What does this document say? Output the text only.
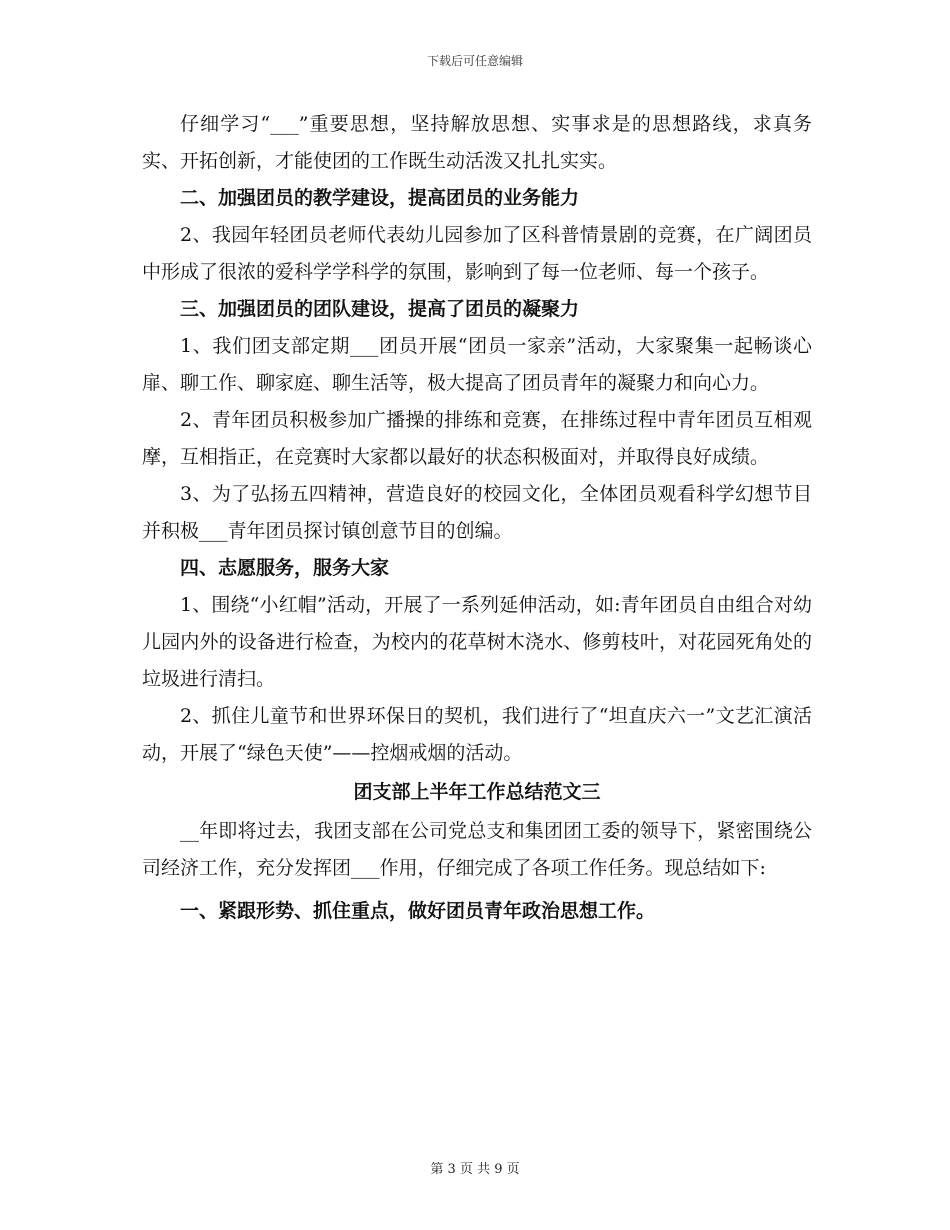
下载后可任意编辑

仔细学习“___”重要思想，坚持解放思想、实事求是的思想路线，求真务实、开拓创新，才能使团的工作既生动活泼又扎扎实实。

二、加强团员的教学建设，提高团员的业务能力

2、我园年轻团员老师代表幼儿园参加了区科普情景剧的竞赛，在广阔团员中形成了很浓的爱科学学科学的氛围，影响到了每一位老师、每一个孩子。

三、加强团员的团队建设，提高了团员的凝聚力

1、我们团支部定期___团员开展“团员一家亲”活动，大家聚集一起畅谈心扉、聊工作、聊家庭、聊生活等，极大提高了团员青年的凝聚力和向心力。

2、青年团员积极参加广播操的排练和竞赛，在排练过程中青年团员互相观摩，互相指正，在竞赛时大家都以最好的状态积极面对，并取得良好成绩。

3、为了弘扬五四精神，营造良好的校园文化，全体团员观看科学幻想节目并积极___青年团员探讨镇创意节目的创编。

四、志愿服务，服务大家

1、围绕“小红帽”活动，开展了一系列延伸活动，如:青年团员自由组合对幼儿园内外的设备进行检查，为校内的花草树木浇水、修剪枝叶，对花园死角处的垃圾进行清扫。

2、抓住儿童节和世界环保日的契机，我们进行了“坦直庆六一”文艺汇演活动，开展了“绿色天使”——控烟戒烟的活动。

团支部上半年工作总结范文三

__年即将过去，我团支部在公司党总支和集团团工委的领导下，紧密围绕公司经济工作，充分发挥团___作用，仔细完成了各项工作任务。现总结如下:

一、紧跟形势、抓住重点，做好团员青年政治思想工作。

第 3 页 共 9 页
